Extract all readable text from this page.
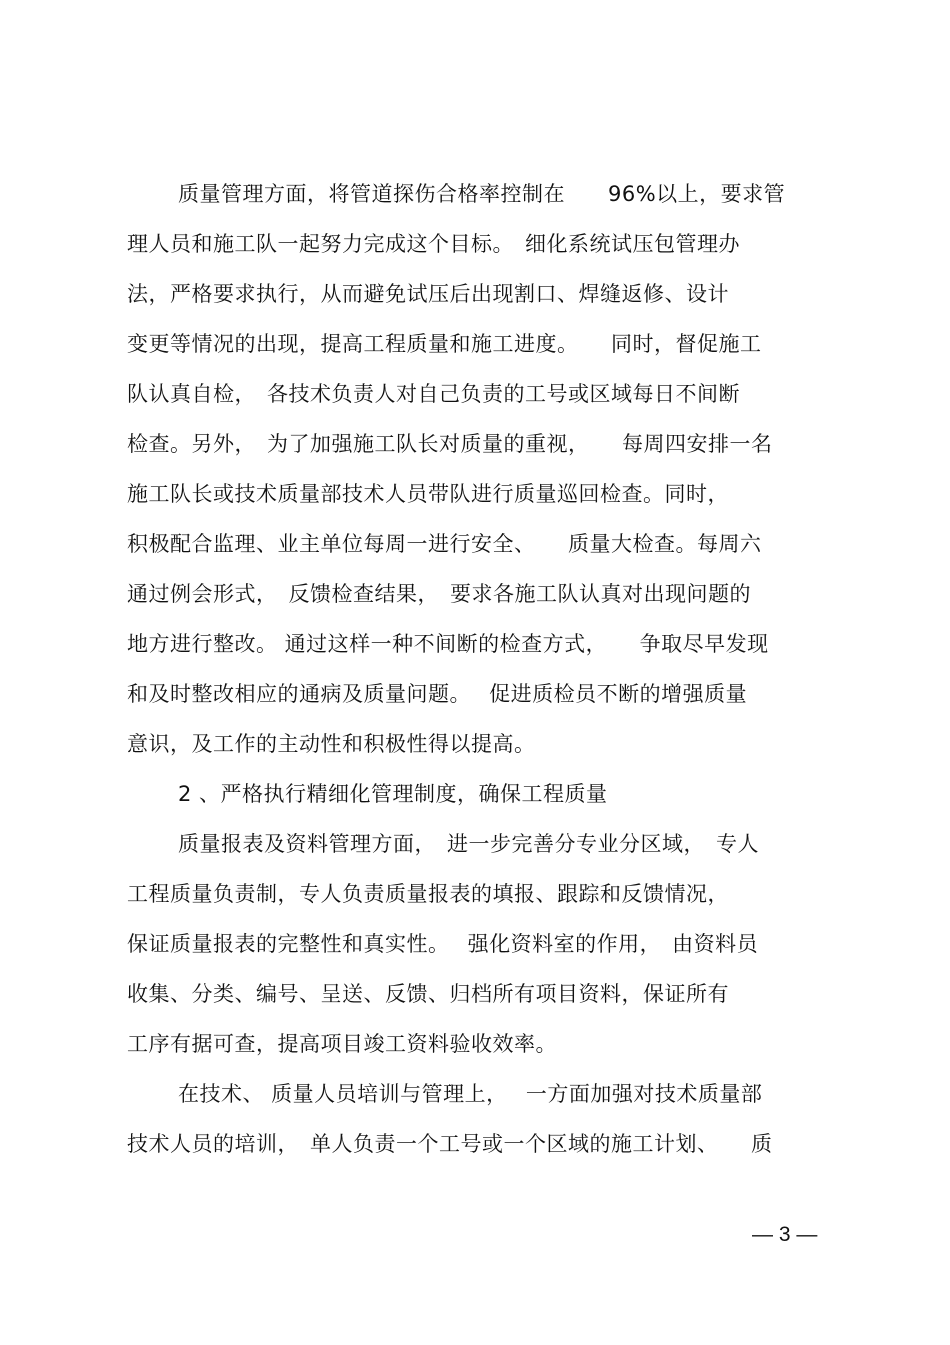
质量管理方面，将管道探伤合格率控制在　　96%以上，要求管
理人员和施工队一起努力完成这个目标。　细化系统试压包管理办
法，严格要求执行，从而避免试压后出现割口、焊缝返修、设计
变更等情况的出现，提高工程质量和施工进度。　　同时，督促施工
队认真自检，　各技术负责人对自己负责的工号或区域每日不间断
检查。另外，　为了加强施工队长对质量的重视，　　每周四安排一名
施工队长或技术质量部技术人员带队进行质量巡回检查。同时，
积极配合监理、业主单位每周一进行安全、　　质量大检查。每周六
通过例会形式，　反馈检查结果，　要求各施工队认真对出现问题的
地方进行整改。 通过这样一种不间断的检查方式，　　争取尽早发现
和及时整改相应的通病及质量问题。　 促进质检员不断的增强质量
意识，及工作的主动性和积极性得以提高。
2 、严格执行精细化管理制度，确保工程质量
质量报表及资料管理方面，　进一步完善分专业分区域，　专人
工程质量负责制，专人负责质量报表的填报、跟踪和反馈情况，
保证质量报表的完整性和真实性。　 强化资料室的作用，　由资料员
收集、分类、编号、呈送、反馈、归档所有项目资料，保证所有
工序有据可查，提高项目竣工资料验收效率。
在技术、 质量人员培训与管理上，　 一方面加强对技术质量部
技术人员的培训，　单人负责一个工号或一个区域的施工计划、　　质
— 3 —
